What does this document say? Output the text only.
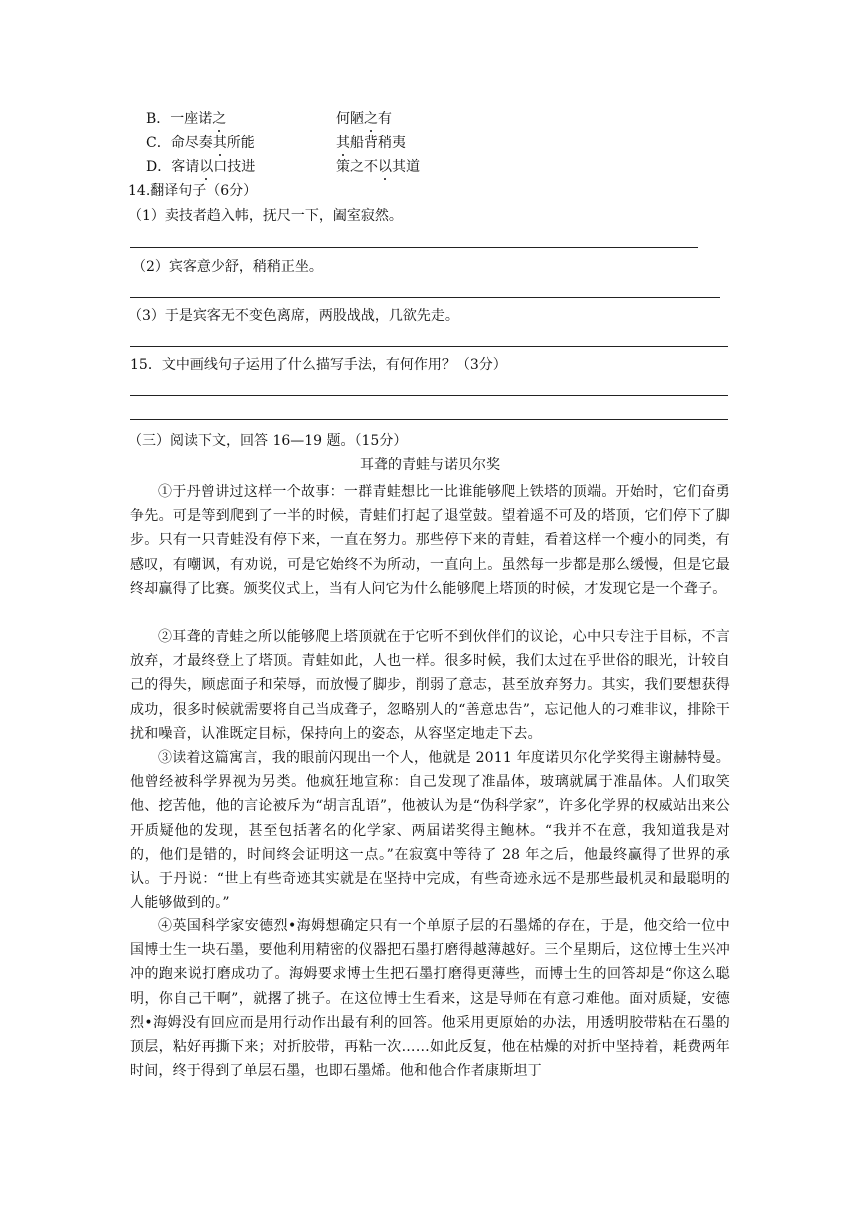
B．一座诺之	何陋之有
C．命尽奏其所能	其船背稍夷
D．客请以口技进	策之不以其道
14.翻译句子（6分）
（1）卖技者趋入帏，抚尺一下，阖室寂然。
（2）宾客意少舒，稍稍正坐。
（3）于是宾客无不变色离席，两股战战，几欲先走。
15．文中画线句子运用了什么描写手法，有何作用？（3分）
（三）阅读下文，回答 16—19 题。（15分）
耳聋的青蛙与诺贝尔奖
①于丹曾讲过这样一个故事：一群青蛙想比一比谁能够爬上铁塔的顶端。开始时，它们奋勇争先。可是等到爬到了一半的时候，青蛙们打起了退堂鼓。望着遥不可及的塔顶，它们停下了脚步。只有一只青蛙没有停下来，一直在努力。那些停下来的青蛙，看着这样一个瘦小的同类，有感叹，有嘲讽，有劝说，可是它始终不为所动，一直向上。虽然每一步都是那么缓慢，但是它最终却赢得了比赛。颁奖仪式上，当有人问它为什么能够爬上塔顶的时候，才发现它是一个聋子。
②耳聋的青蛙之所以能够爬上塔顶就在于它听不到伙伴们的议论，心中只专注于目标，不言放弃，才最终登上了塔顶。青蛙如此，人也一样。很多时候，我们太过在乎世俗的眼光，计较自己的得失，顾虑面子和荣辱，而放慢了脚步，削弱了意志，甚至放弃努力。其实，我们要想获得成功，很多时候就需要将自己当成聋子，忽略别人的“善意忠告”，忘记他人的刁难非议，排除干扰和噪音，认准既定目标，保持向上的姿态，从容坚定地走下去。
③读着这篇寓言，我的眼前闪现出一个人，他就是 2011 年度诺贝尔化学奖得主谢赫特曼。他曾经被科学界视为另类。他疯狂地宣称：自己发现了准晶体，玻璃就属于准晶体。人们取笑他、挖苦他，他的言论被斥为“胡言乱语”，他被认为是“伪科学家”，许多化学界的权威站出来公开质疑他的发现，甚至包括著名的化学家、两届诺奖得主鲍林。“我并不在意，我知道我是对的，他们是错的，时间终会证明这一点。”在寂寞中等待了 28 年之后，他最终赢得了世界的承认。于丹说：“世上有些奇迹其实就是在坚持中完成，有些奇迹永远不是那些最机灵和最聪明的人能够做到的。”
④英国科学家安德烈•海姆想确定只有一个单原子层的石墨烯的存在，于是，他交给一位中国博士生一块石墨，要他利用精密的仪器把石墨打磨得越薄越好。三个星期后，这位博士生兴冲冲的跑来说打磨成功了。海姆要求博士生把石墨打磨得更薄些，而博士生的回答却是“你这么聪明，你自己干啊”，就撂了挑子。在这位博士生看来，这是导师在有意刁难他。面对质疑，安德烈•海姆没有回应而是用行动作出最有利的回答。他采用更原始的办法，用透明胶带粘在石墨的顶层，粘好再撕下来；对折胶带，再粘一次……如此反复，他在枯燥的对折中坚持着，耗费两年时间，终于得到了单层石墨，也即石墨烯。他和他合作者康斯坦丁
